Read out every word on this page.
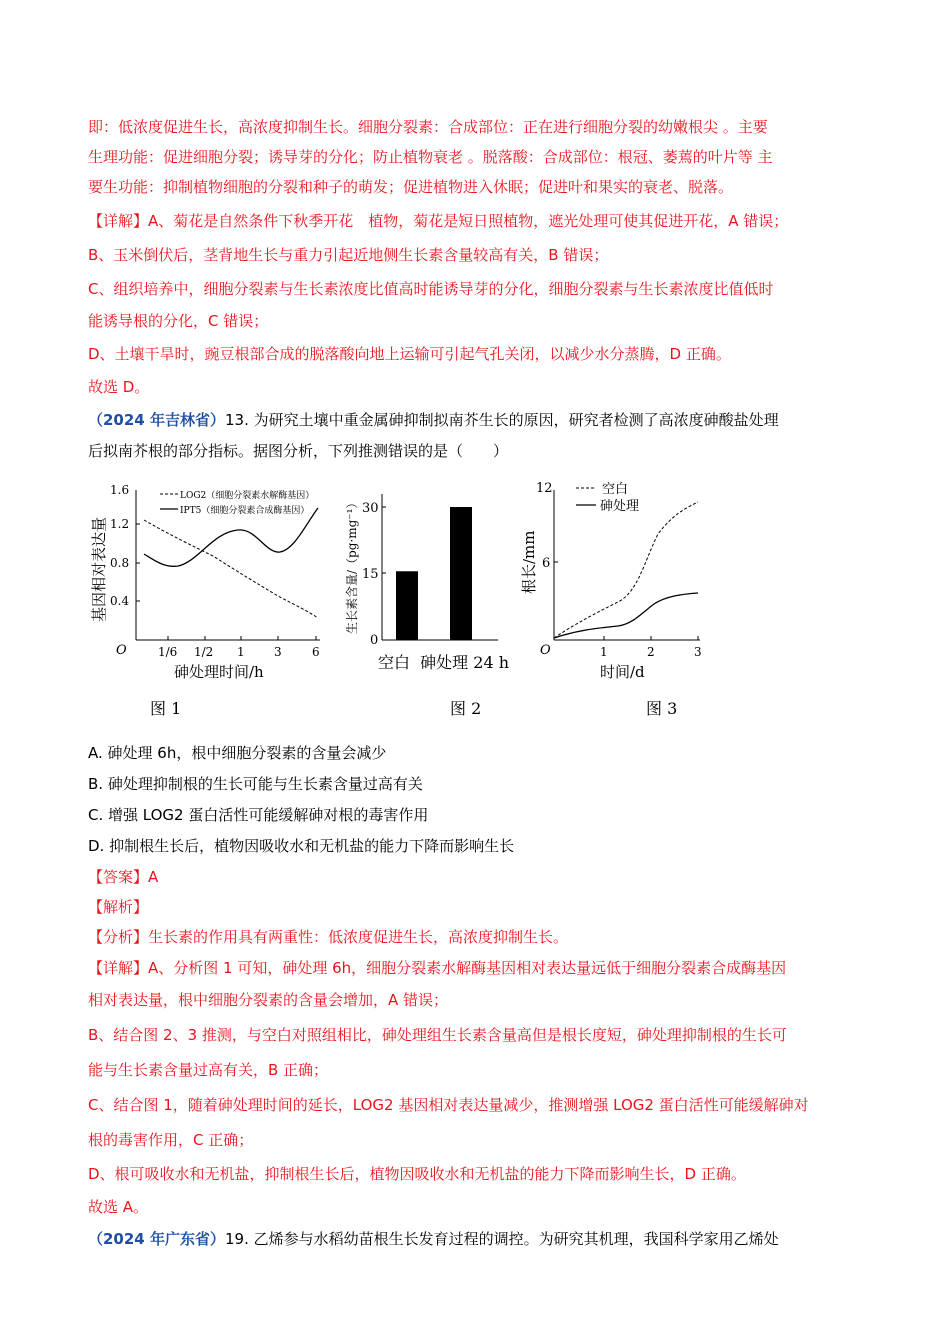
即：低浓度促进生长，高浓度抑制生长。细胞分裂素：合成部位：正在进行细胞分裂的幼嫩根尖 。主要

生理功能：促进细胞分裂；诱导芽的分化；防止植物衰老 。脱落酸：合成部位：根冠、萎蔫的叶片等 主

要生功能：抑制植物细胞的分裂和种子的萌发；促进植物进入休眠；促进叶和果实的衰老、脱落。

【详解】A、菊花是自然条件下秋季开花　植物，菊花是短日照植物，遮光处理可使其促进开花，A 错误；

B、玉米倒伏后，茎背地生长与重力引起近地侧生长素含量较高有关，B 错误；

C、组织培养中，细胞分裂素与生长素浓度比值高时能诱导芽的分化，细胞分裂素与生长素浓度比值低时

能诱导根的分化，C 错误；

D、土壤干旱时，豌豆根部合成的脱落酸向地上运输可引起气孔关闭，以减少水分蒸腾，D 正确。

故选 D。

（2024 年吉林省）13. 为研究土壤中重金属砷抑制拟南芥生长的原因，研究者检测了高浓度砷酸盐处理

后拟南芥根的部分指标。据图分析，下列推测错误的是（　　）

1.6
1.2
0.8
0.4
O	1/6 1/2 1 3	6
砷处理时间/h
基因相对表达量
LOG2（细胞分裂素水解酶基因）
IPT5（细胞分裂素合成酶基因）
图 1
30
15
0
空白  砷处理 24 h
生长素含量/（pg·mg⁻¹）
图 2
12
6
O	1	2	3
时间/d
根长/mm
空白
砷处理
图 3

A. 砷处理 6h，根中细胞分裂素的含量会减少

B. 砷处理抑制根的生长可能与生长素含量过高有关

C. 增强 LOG2 蛋白活性可能缓解砷对根的毒害作用

D. 抑制根生长后，植物因吸收水和无机盐的能力下降而影响生长

【答案】A

【解析】

【分析】生长素的作用具有两重性：低浓度促进生长，高浓度抑制生长。

【详解】A、分析图 1 可知，砷处理 6h，细胞分裂素水解酶基因相对表达量远低于细胞分裂素合成酶基因

相对表达量，根中细胞分裂素的含量会增加，A 错误；

B、结合图 2、3 推测，与空白对照组相比，砷处理组生长素含量高但是根长度短，砷处理抑制根的生长可

能与生长素含量过高有关，B 正确；

C、结合图 1，随着砷处理时间的延长，LOG2 基因相对表达量减少，推测增强 LOG2 蛋白活性可能缓解砷对

根的毒害作用，C 正确；

D、根可吸收水和无机盐，抑制根生长后，植物因吸收水和无机盐的能力下降而影响生长，D 正确。

故选 A。

（2024 年广东省）19. 乙烯参与水稻幼苗根生长发育过程的调控。为研究其机理，我国科学家用乙烯处
